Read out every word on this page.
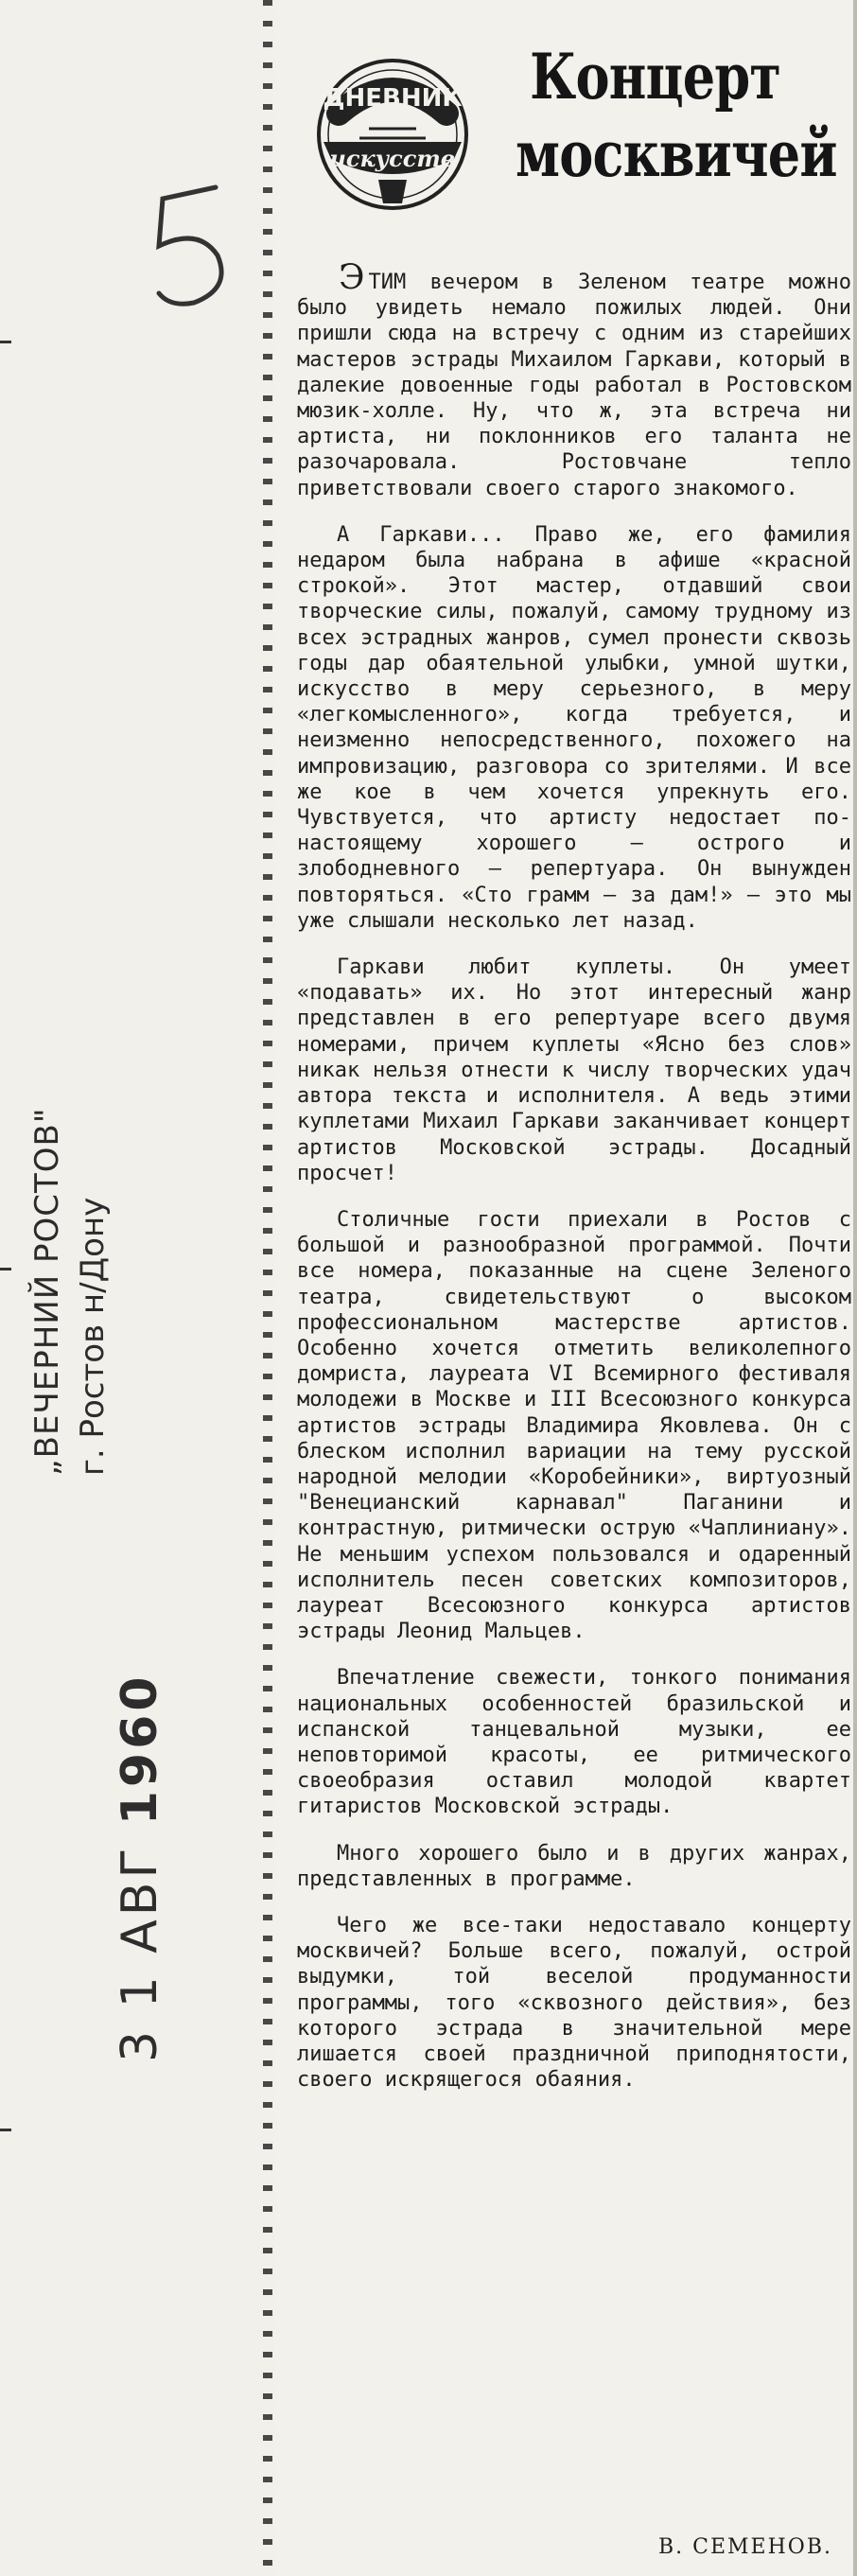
„ВЕЧЕРНИЙ РОСТОВ" г. Ростов н/Дону
3 1 АВГ 1960
ДНЕВНИК
искусств
Концерт
москвичей

ЭТИМ вечером в Зеленом театре можно было увидеть немало пожилых людей. Они пришли сюда на встречу с одним из старейших мастеров эстрады Михаилом Гаркави, который в далекие довоенные годы работал в Ростовском мюзик-холле. Ну, что ж, эта встреча ни артиста, ни поклонников его таланта не разочаровала. Ростовчане тепло приветствовали своего старого знакомого.

А Гаркави... Право же, его фамилия недаром была набрана в афише «красной строкой». Этот мастер, отдавший свои творческие силы, пожалуй, самому трудному из всех эстрадных жанров, сумел пронести сквозь годы дар обаятельной улыбки, умной шутки, искусство в меру серьезного, в меру «легкомысленного», когда требуется, и неизменно непосредственного, похожего на импровизацию, разговора со зрителями. И все же кое в чем хочется упрекнуть его. Чувствуется, что артисту недостает по-настоящему хорошего — острого и злободневного — репертуара. Он вынужден повторяться. «Сто грамм — за дам!» — это мы уже слышали несколько лет назад.

Гаркави любит куплеты. Он умеет «подавать» их. Но этот интересный жанр представлен в его репертуаре всего двумя номерами, причем куплеты «Ясно без слов» никак нельзя отнести к числу творческих удач автора текста и исполнителя. А ведь этими куплетами Михаил Гаркави заканчивает концерт артистов Московской эстрады. Досадный просчет!

Столичные гости приехали в Ростов с большой и разнообразной программой. Почти все номера, показанные на сцене Зеленого театра, свидетельствуют о высоком профессиональном мастерстве артистов. Особенно хочется отметить великолепного домриста, лауреата VI Всемирного фестиваля молодежи в Москве и III Всесоюзного конкурса артистов эстрады Владимира Яковлева. Он с блеском исполнил вариации на тему русской народной мелодии «Коробейники», виртуозный "Венецианский карнавал" Паганини и контрастную, ритмически острую «Чаплиниану». Не меньшим успехом пользовался и одаренный исполнитель песен советских композиторов, лауреат Всесоюзного конкурса артистов эстрады Леонид Мальцев.

Впечатление свежести, тонкого понимания национальных особенностей бразильской и испанской танцевальной музыки, ее неповторимой красоты, ее ритмического своеобразия оставил молодой квартет гитаристов Московской эстрады.

Много хорошего было и в других жанрах, представленных в программе.

Чего же все-таки недоставало концерту москвичей? Больше всего, пожалуй, острой выдумки, той веселой продуманности программы, того «сквозного действия», без которого эстрада в значительной мере лишается своей праздничной приподнятости, своего искрящегося обаяния.

В. СЕМЕНОВ.
